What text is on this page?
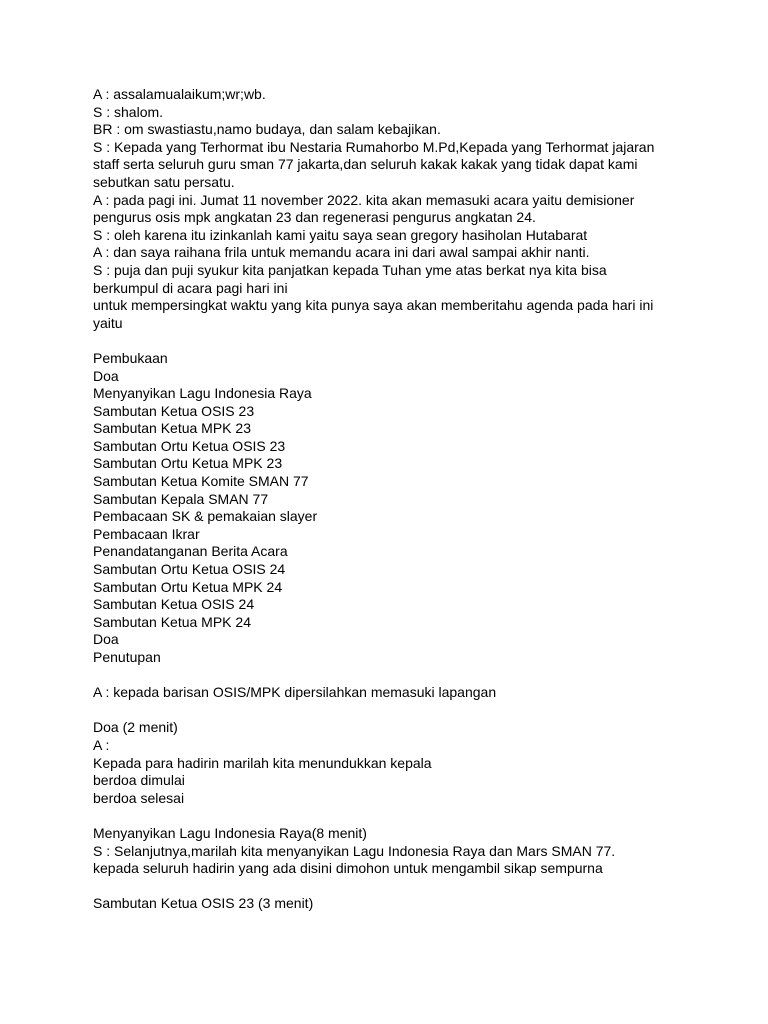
A : assalamualaikum;wr;wb.
S : shalom.
BR : om swastiastu,namo budaya, dan salam kebajikan.
S : Kepada yang Terhormat ibu Nestaria Rumahorbo M.Pd,Kepada yang Terhormat jajaran
staff serta seluruh guru sman 77 jakarta,dan seluruh kakak kakak yang tidak dapat kami
sebutkan satu persatu.
A : pada pagi ini. Jumat 11 november 2022. kita akan memasuki acara yaitu demisioner
pengurus osis mpk angkatan 23 dan regenerasi pengurus angkatan 24.
S : oleh karena itu izinkanlah kami yaitu saya sean gregory hasiholan Hutabarat
A : dan saya raihana frila untuk memandu acara ini dari awal sampai akhir nanti.
S : puja dan puji syukur kita panjatkan kepada Tuhan yme atas berkat nya kita bisa
berkumpul di acara pagi hari ini
untuk mempersingkat waktu yang kita punya saya akan memberitahu agenda pada hari ini
yaitu
Pembukaan
Doa
Menyanyikan Lagu Indonesia Raya
Sambutan Ketua OSIS 23
Sambutan Ketua MPK 23
Sambutan Ortu Ketua OSIS 23
Sambutan Ortu Ketua MPK 23
Sambutan Ketua Komite SMAN 77
Sambutan Kepala SMAN 77
Pembacaan SK & pemakaian slayer
Pembacaan Ikrar
Penandatanganan Berita Acara
Sambutan Ortu Ketua OSIS 24
Sambutan Ortu Ketua MPK 24
Sambutan Ketua OSIS 24
Sambutan Ketua MPK 24
Doa
Penutupan
A : kepada barisan OSIS/MPK dipersilahkan memasuki lapangan
Doa (2 menit)
A :
Kepada para hadirin marilah kita menundukkan kepala
berdoa dimulai
berdoa selesai
Menyanyikan Lagu Indonesia Raya(8 menit)
S : Selanjutnya,marilah kita menyanyikan Lagu Indonesia Raya dan Mars SMAN 77.
kepada seluruh hadirin yang ada disini dimohon untuk mengambil sikap sempurna
Sambutan Ketua OSIS 23 (3 menit)
